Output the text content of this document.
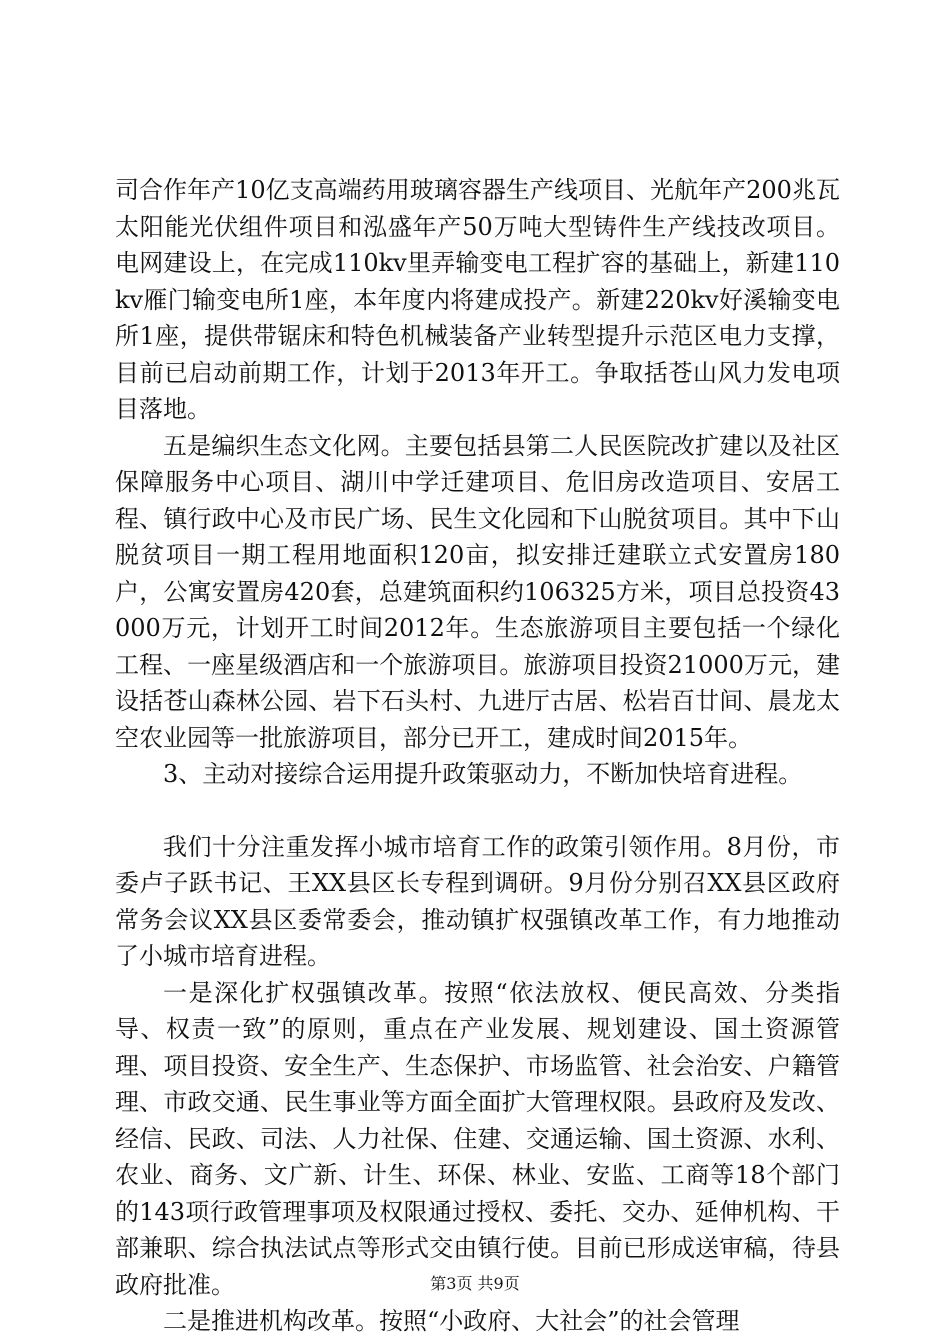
司合作年产10亿支高端药用玻璃容器生产线项目、光航年产200兆瓦太阳能光伏组件项目和泓盛年产50万吨大型铸件生产线技改项目。电网建设上，在完成110kv里弄输变电工程扩容的基础上，新建110kv雁门输变电所1座，本年度内将建成投产。新建220kv好溪输变电所1座，提供带锯床和特色机械装备产业转型提升示范区电力支撑，目前已启动前期工作，计划于2013年开工。争取括苍山风力发电项目落地。

五是编织生态文化网。主要包括县第二人民医院改扩建以及社区保障服务中心项目、湖川中学迁建项目、危旧房改造项目、安居工程、镇行政中心及市民广场、民生文化园和下山脱贫项目。其中下山脱贫项目一期工程用地面积120亩，拟安排迁建联立式安置房180户，公寓安置房420套，总建筑面积约106325方米，项目总投资43000万元，计划开工时间2012年。生态旅游项目主要包括一个绿化工程、一座星级酒店和一个旅游项目。旅游项目投资21000万元，建设括苍山森林公园、岩下石头村、九进厅古居、松岩百廿间、晨龙太空农业园等一批旅游项目，部分已开工，建成时间2015年。

3、主动对接综合运用提升政策驱动力，不断加快培育进程。

我们十分注重发挥小城市培育工作的政策引领作用。8月份，市委卢子跃书记、王XX县区长专程到调研。9月份分别召XX县区政府常务会议XX县区委常委会，推动镇扩权强镇改革工作，有力地推动了小城市培育进程。

一是深化扩权强镇改革。按照“依法放权、便民高效、分类指导、权责一致”的原则，重点在产业发展、规划建设、国土资源管理、项目投资、安全生产、生态保护、市场监管、社会治安、户籍管理、市政交通、民生事业等方面全面扩大管理权限。县政府及发改、经信、民政、司法、人力社保、住建、交通运输、国土资源、水利、农业、商务、文广新、计生、环保、林业、安监、工商等18个部门的143项行政管理事项及权限通过授权、委托、交办、延伸机构、干部兼职、综合执法试点等形式交由镇行使。目前已形成送审稿，待县政府批准。

二是推进机构改革。按照“小政府、大社会”的社会管理

第3页 共9页
